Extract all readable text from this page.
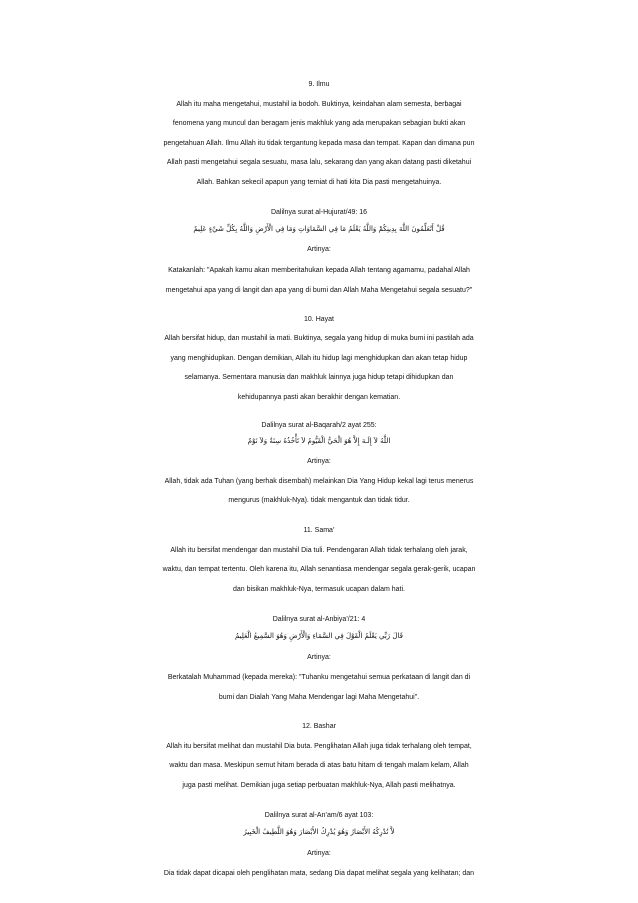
9. Ilmu
Allah itu maha mengetahui, mustahil ia bodoh. Buktinya, keindahan alam semesta, berbagai
fenomena yang muncul dan beragam jenis makhluk yang ada merupakan sebagian bukti akan
pengetahuan Allah. Ilmu Allah itu tidak tergantung kepada masa dan tempat. Kapan dan dimana pun
Allah pasti mengetahui segala sesuatu, masa lalu, sekarang dan yang akan datang pasti diketahui
Allah. Bahkan sekecil apapun yang terniat di hati kita Dia pasti mengetahuinya.
Dalilnya surat al-Hujurat/49: 16
قُلْ أَتُعَلِّمُونَ اللَّهَ بِدِينِكُمْ وَاللَّهُ يَعْلَمُ مَا فِي السَّمَاوَاتِ وَمَا فِي الْأَرْضِ وَاللَّهُ بِكُلِّ شَيْءٍ عَلِيمٌ
Artinya:
Katakanlah: "Apakah kamu akan memberitahukan kepada Allah tentang agamamu, padahal Allah
mengetahui apa yang di langit dan apa yang di bumi dan Allah Maha Mengetahui segala sesuatu?"
10. Hayat
Allah bersifat hidup, dan mustahil ia mati. Buktinya, segala yang hidup di muka bumi ini pastilah ada
yang menghidupkan. Dengan demikian, Allah itu hidup lagi menghidupkan dan akan tetap hidup
selamanya. Sementara manusia dan makhluk lainnya juga hidup tetapi dihidupkan dan
kehidupannya pasti akan berakhir dengan kematian.
Dalilnya surat al-Baqarah/2 ayat 255:
اللَّهُ لاَ إِلَـهَ إِلاَّ هُوَ الْحَيُّ الْقَيُّومُ لاَ تَأْخُذُهُ سِنَةٌ وَلاَ نَوْمٌ
Artinya:
Allah, tidak ada Tuhan (yang berhak disembah) melainkan Dia Yang Hidup kekal lagi terus menerus
mengurus (makhluk-Nya). tidak mengantuk dan tidak tidur.
11. Sama’
Allah itu bersifat mendengar dan mustahil Dia tuli. Pendengaran Allah tidak terhalang oleh jarak,
waktu, dan tempat tertentu. Oleh karena itu, Allah senantiasa mendengar segala gerak-gerik, ucapan
dan bisikan makhluk-Nya, termasuk ucapan dalam hati.
Dalilnya surat al-Anbiya’/21: 4
قَالَ رَبِّي يَعْلَمُ الْقَوْلَ فِي السَّمَاءِ وَالْأَرْضِ وَهُوَ السَّمِيعُ الْعَلِيمُ
Artinya:
Berkatalah Muhammad (kepada mereka): "Tuhanku mengetahui semua perkataan di langit dan di
bumi dan Dialah Yang Maha Mendengar lagi Maha Mengetahui".
12. Bashar
Allah itu bersifat melihat dan mustahil Dia buta. Penglihatan Allah juga tidak terhalang oleh tempat,
waktu dan masa. Meskipun semut hitam berada di atas batu hitam di tengah malam kelam, Allah
juga pasti melihat. Demikian juga setiap perbuatan makhluk-Nya, Allah pasti melihatnya.
Dalilnya surat al-An’am/6 ayat 103:
لاَّ تُدْرِكُهُ الأَبْصَارُ وَهُوَ يُدْرِكُ الأَبْصَارَ وَهُوَ اللَّطِيفُ الْخَبِيرُ
Artinya:
Dia tidak dapat dicapai oleh penglihatan mata, sedang Dia dapat melihat segala yang kelihatan; dan
